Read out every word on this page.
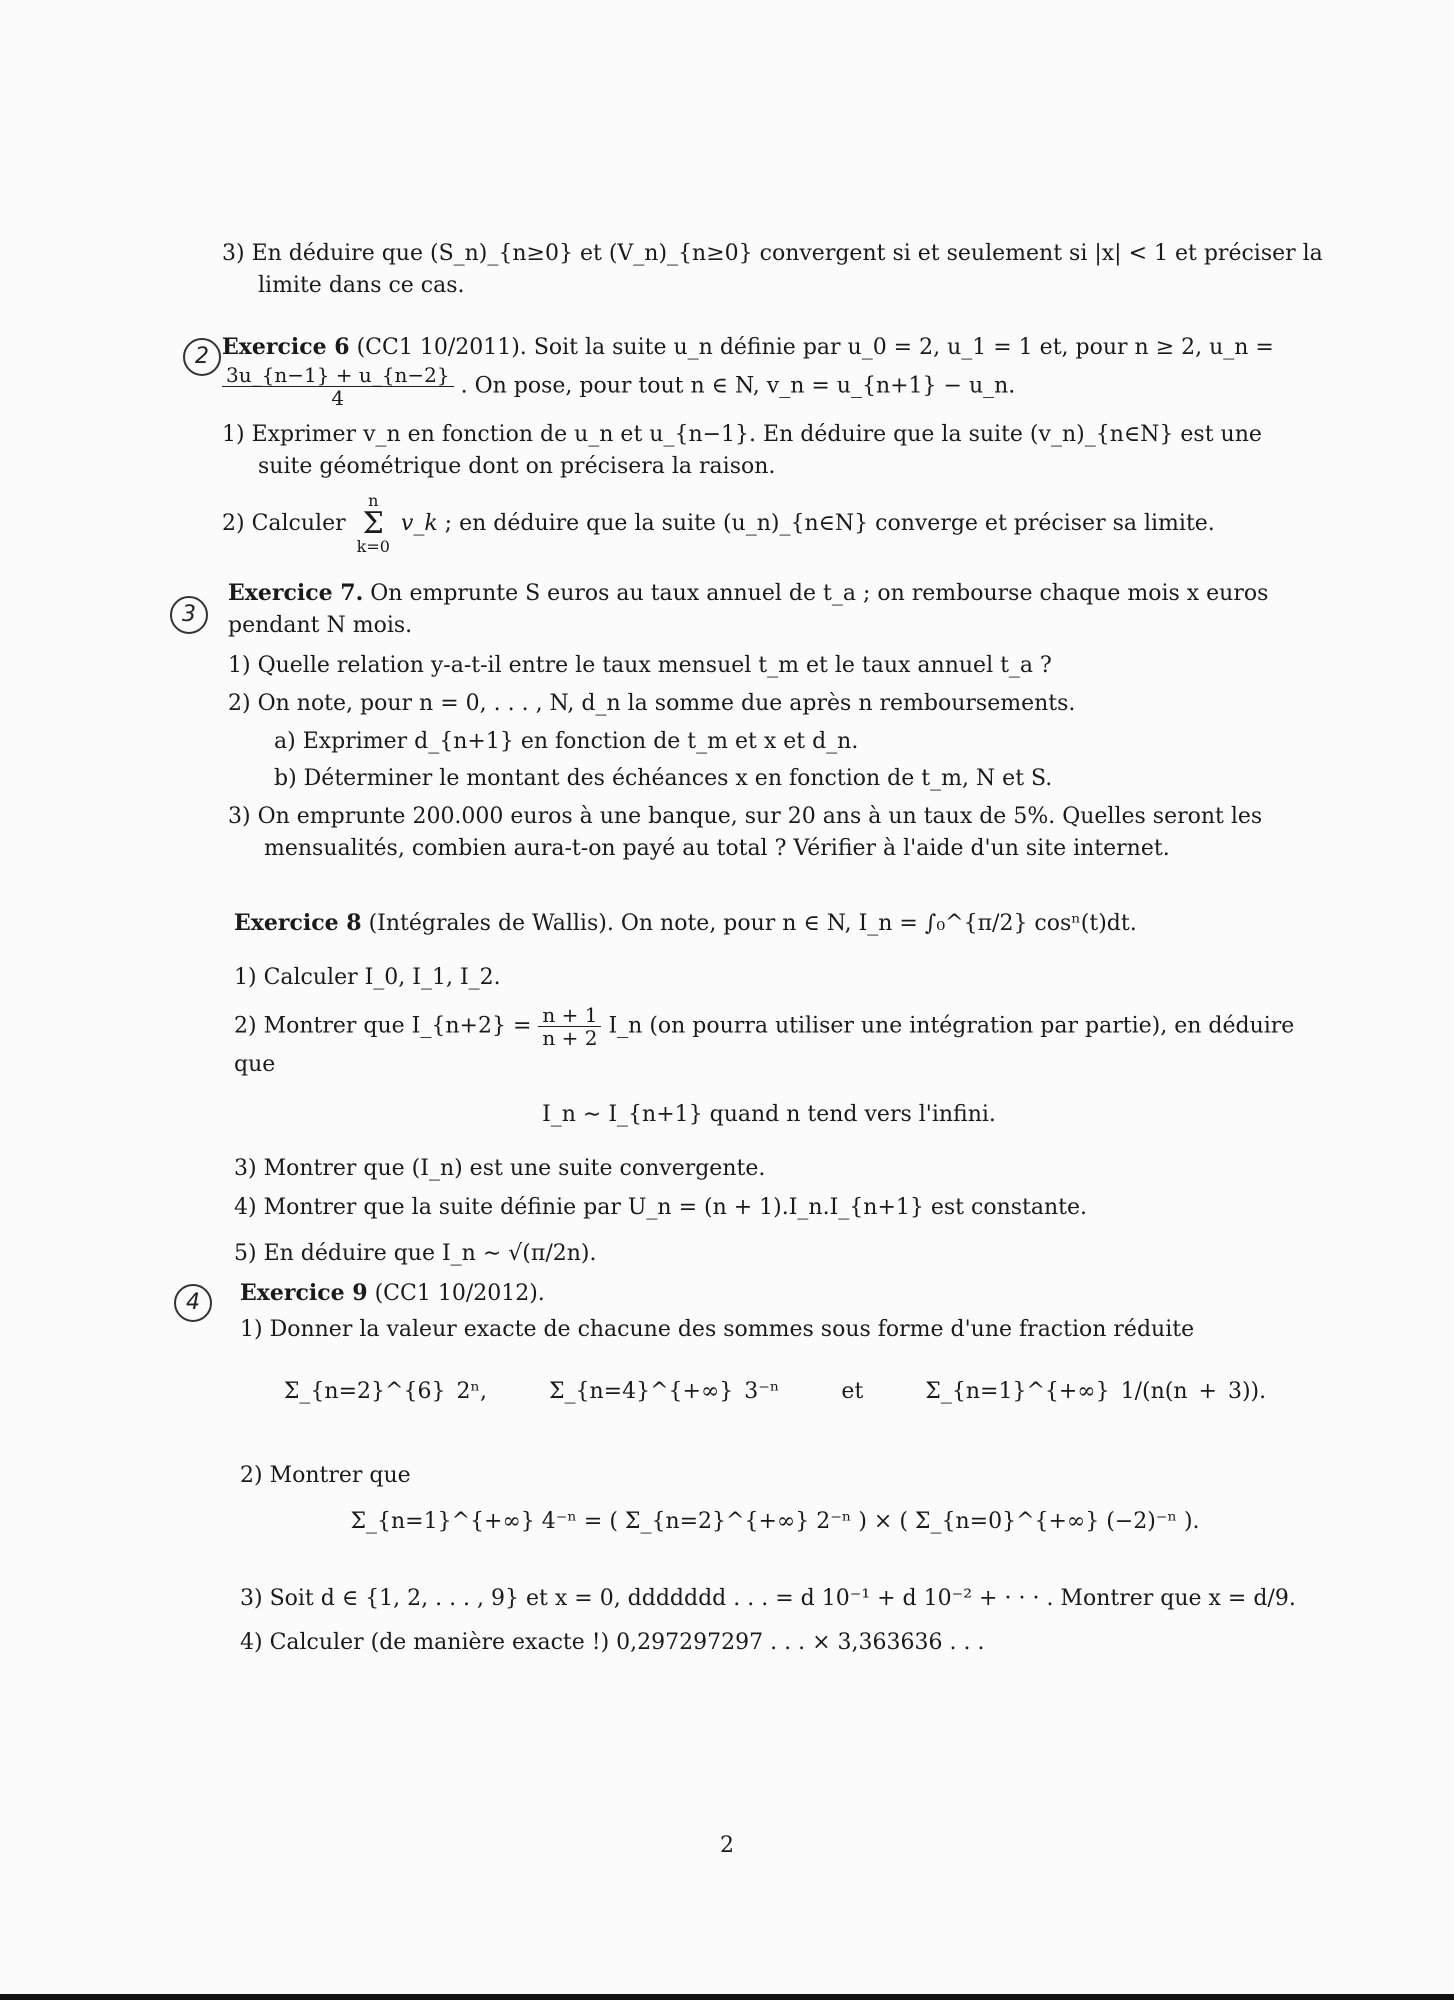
3) En déduire que (S_n)_{n≥0} et (V_n)_{n≥0} convergent si et seulement si |x| < 1 et préciser la limite dans ce cas.
2 Exercice 6 (CC1 10/2011). Soit la suite u_n définie par u_0 = 2, u_1 = 1 et, pour n ≥ 2, u_n =
$\frac{3u\_\{n-1\} + u\_\{n-2\}}{4}$ . On pose, pour tout n ∈ N, v_n = u_{n+1} − u_n.
1) Exprimer v_n en fonction de u_n et u_{n−1}. En déduire que la suite (v_n)_{n∈N} est une suite géométrique dont on précisera la raison.
2) Calculer n
Σ
k=0 v_k ; en déduire que la suite (u_n)_{n∈N} converge et préciser sa limite.
3
Exercice 7. On emprunte S euros au taux annuel de t_a ; on rembourse chaque mois x euros pendant N mois.
1) Quelle relation y-a-t-il entre le taux mensuel t_m et le taux annuel t_a ?
2) On note, pour n = 0, . . . , N, d_n la somme due après n remboursements.
a) Exprimer d_{n+1} en fonction de t_m et x et d_n.
b) Déterminer le montant des échéances x en fonction de t_m, N et S.
3) On emprunte 200.000 euros à une banque, sur 20 ans à un taux de 5%. Quelles seront les mensualités, combien aura-t-on payé au total ? Vérifier à l'aide d'un site internet.
Exercice 8 (Intégrales de Wallis). On note, pour n ∈ N, I_n = ∫₀^{π/2} cosⁿ(t)dt.
1) Calculer I_0, I_1, I_2.
2) Montrer que I_{n+2} = $\frac{n + 1}{n + 2}$ I_n (on pourra utiliser une intégration par partie), en déduire que
I_n ∼ I_{n+1} quand n tend vers l'infini.
3) Montrer que (I_n) est une suite convergente.
4) Montrer que la suite définie par U_n = (n + 1).I_n.I_{n+1} est constante.
5) En déduire que I_n ∼ √(π/2n).
4	Exercice 9 (CC1 10/2012).
1) Donner la valeur exacte de chacune des sommes sous forme d'une fraction réduite
Σ_{n=2}^{6} 2ⁿ,	Σ_{n=4}^{+∞} 3⁻ⁿ	et	Σ_{n=1}^{+∞} 1/(n(n + 3)).
2) Montrer que
Σ_{n=1}^{+∞} 4⁻ⁿ = ( Σ_{n=2}^{+∞} 2⁻ⁿ ) × ( Σ_{n=0}^{+∞} (−2)⁻ⁿ ).
3) Soit d ∈ {1, 2, . . . , 9} et x = 0, ddddddd . . . = d 10⁻¹ + d 10⁻² + · · · . Montrer que x = d/9.
4) Calculer (de manière exacte !) 0,297297297 . . . × 3,363636 . . .
2
